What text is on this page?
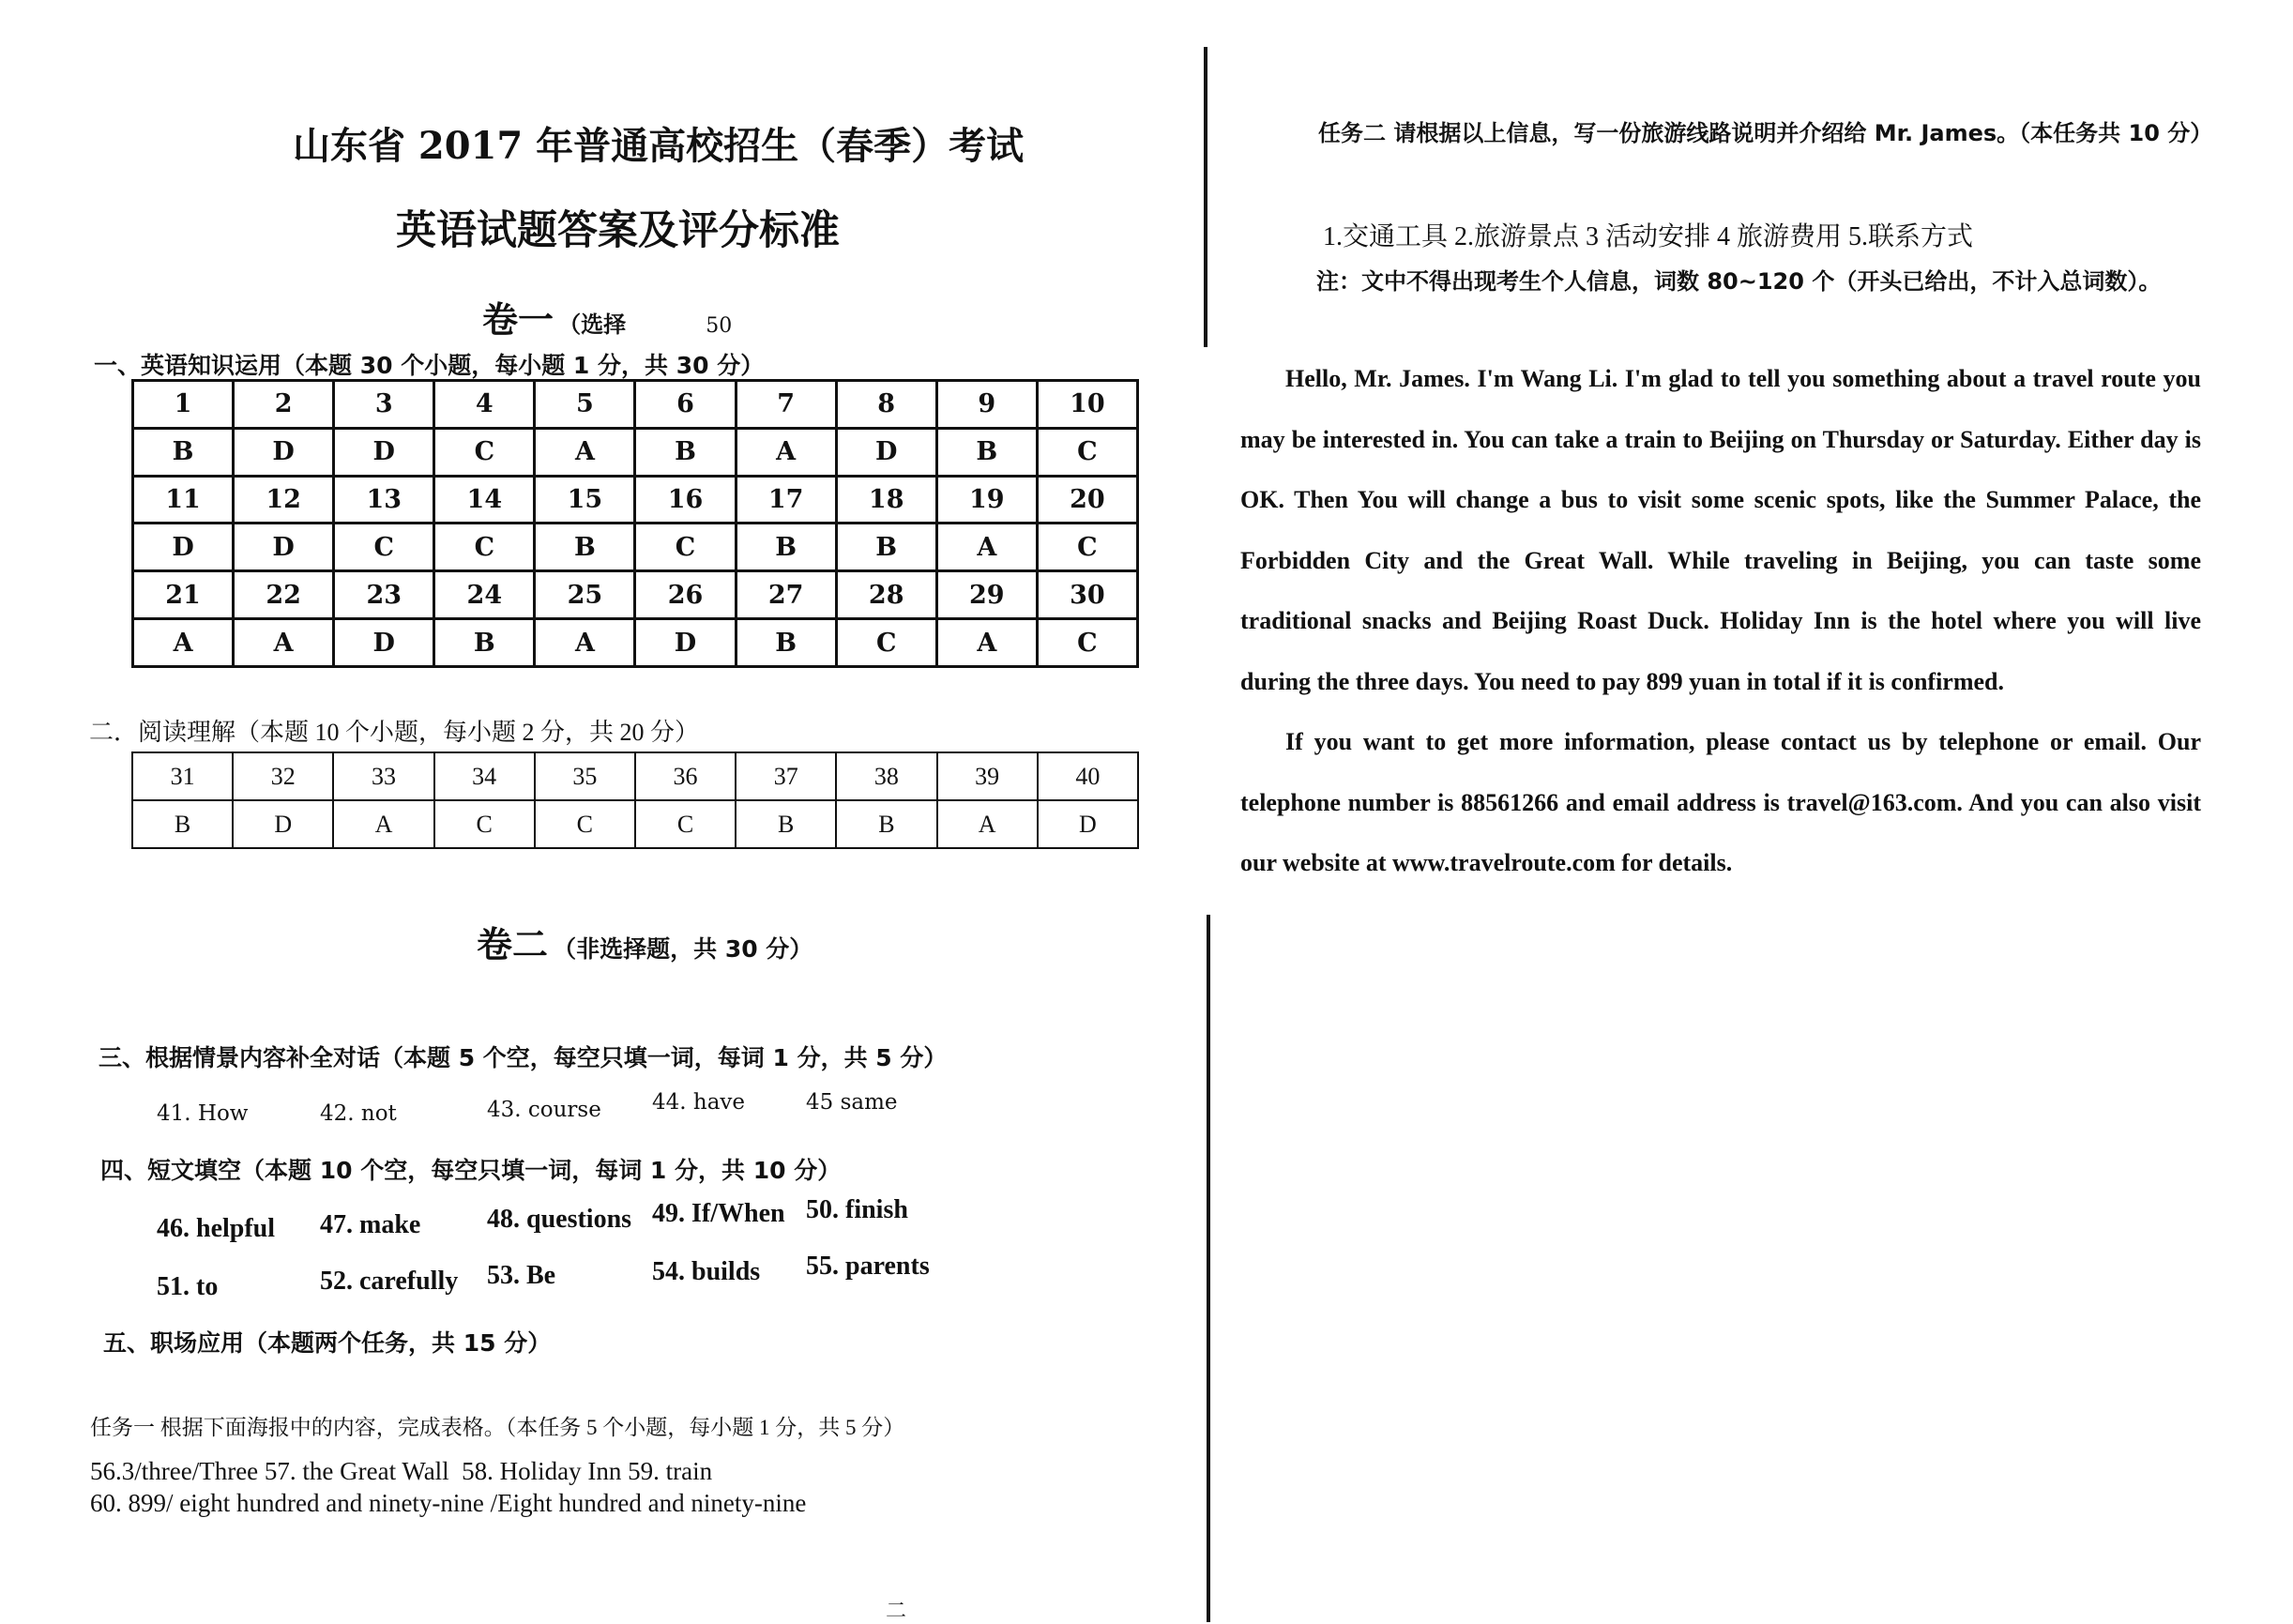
山东省 2017 年普通高校招生（春季）考试
英语试题答案及评分标准
卷一 （选择	50
一、英语知识运用（本题 30 个小题，每小题 1 分，共 30 分）
1	2	3	4	5	6	7	8	9	10
B	D	D	C	A	B	A	D	B	C
11	12	13	14	15	16	17	18	19	20
D	D	C	C	B	C	B	B	A	C
21	22	23	24	25	26	27	28	29	30
A	A	D	B	A	D	B	C	A	C
二．阅读理解（本题 10 个小题，每小题 2 分，共 20 分）
31	32	33	34	35	36	37	38	39	40
B	D	A	C	C	C	B	B	A	D
卷二 （非选择题，共 30 分）
三、根据情景内容补全对话（本题 5 个空，每空只填一词，每词 1 分，共 5 分）
41. How	42. not	43. course 44. have	45 same
四、短文填空（本题 10 个空，每空只填一词，每词 1 分，共 10 分）
46. helpful 47. make	48. questions 49. If/When 50. finish
51. to	52. carefully 53. Be	54. builds 55. parents
五、职场应用（本题两个任务，共 15 分）
任务一 根据下面海报中的内容，完成表格。（本任务 5 个小题，每小题 1 分，共 5 分）
56.3/three/Three 57. the Great Wall  58. Holiday Inn 59. train
60. 899/ eight hundred and ninety-nine /Eight hundred and ninety-nine
二
任务二 请根据以上信息，写一份旅游线路说明并介绍给 Mr. James。（本任务共 10 分）
1.交通工具 2.旅游景点 3 活动安排 4 旅游费用 5.联系方式
注：文中不得出现考生个人信息，词数 80~120 个（开头已给出，不计入总词数）。

Hello, Mr. James. I'm Wang Li. I'm glad to tell you something about a travel route you may be interested in. You can take a train to Beijing on Thursday or Saturday. Either day is OK. Then You will change a bus to visit some scenic spots, like the Summer Palace, the Forbidden City and the Great Wall. While traveling in Beijing, you can taste some traditional snacks and Beijing Roast Duck. Holiday Inn is the hotel where you will live during the three days. You need to pay 899 yuan in total if it is confirmed.

If you want to get more information, please contact us by telephone or email. Our telephone number is 88561266 and email address is travel@163.com. And you can also visit our website at www.travelroute.com for details.
